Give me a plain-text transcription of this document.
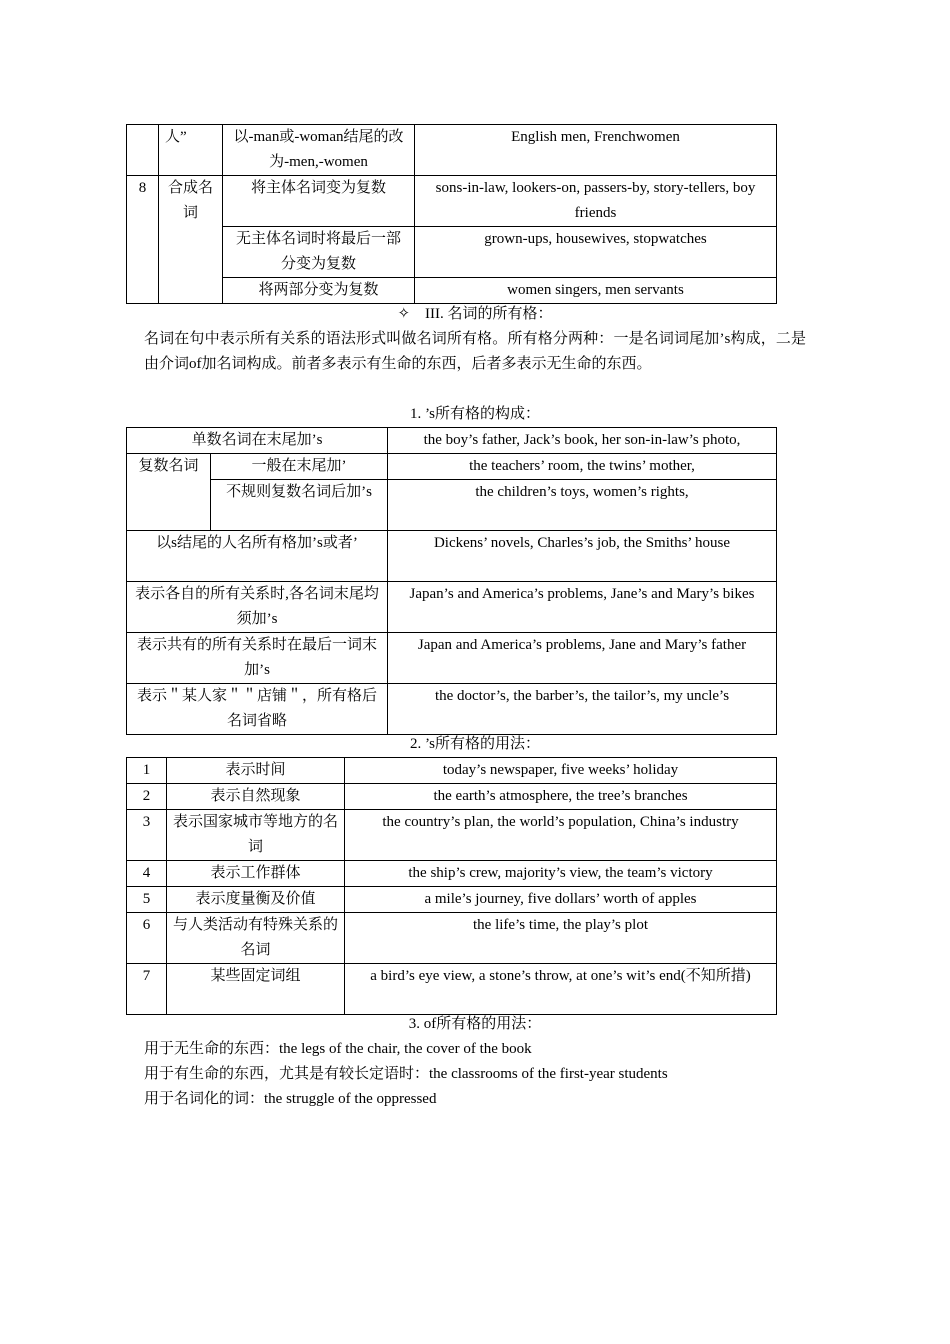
	人”	以-man或-woman结尾的改为-men,-women	English men, Frenchwomen
8	合成名词	将主体名词变为复数	sons-in-law, lookers-on, passers-by, story-tellers, boy friends
		无主体名词时将最后一部分变为复数	grown-ups, housewives, stopwatches
		将两部分变为复数	women singers, men servants
✧　III. 名词的所有格：
名词在句中表示所有关系的语法形式叫做名词所有格。所有格分两种：一是名词词尾加’s构成，二是由介词of加名词构成。前者多表示有生命的东西，后者多表示无生命的东西。
1. ’s所有格的构成：
单数名词在末尾加’s		the boy’s father, Jack’s book, her son-in-law’s photo,
复数名词	一般在末尾加’	the teachers’ room, the twins’ mother,
	不规则复数名词后加’s	the children’s toys, women’s rights,
以s结尾的人名所有格加’s或者’		Dickens’ novels, Charles’s job, the Smiths’ house
表示各自的所有关系时,各名词末尾均须加’s		Japan’s and America’s problems, Jane’s and Mary’s bikes
表示共有的所有关系时在最后一词末加’s		Japan and America’s problems, Jane and Mary’s father
表示＂某人家＂＂店铺＂，所有格后名词省略		the doctor’s, the barber’s, the tailor’s, my uncle’s
2. ’s所有格的用法：
1	表示时间	today’s newspaper, five weeks’ holiday
2	表示自然现象	the earth’s atmosphere, the tree’s branches
3	表示国家城市等地方的名词	the country’s plan, the world’s population, China’s industry
4	表示工作群体	the ship’s crew, majority’s view, the team’s victory
5	表示度量衡及价值	a mile’s journey, five dollars’ worth of apples
6	与人类活动有特殊关系的名词	the life’s time, the play’s plot
7	某些固定词组	a bird’s eye view, a stone’s throw, at one’s wit’s end(不知所措)
3. of所有格的用法：
用于无生命的东西：the legs of the chair, the cover of the book
用于有生命的东西，尤其是有较长定语时：the classrooms of the first-year students
用于名词化的词：the struggle of the oppressed
